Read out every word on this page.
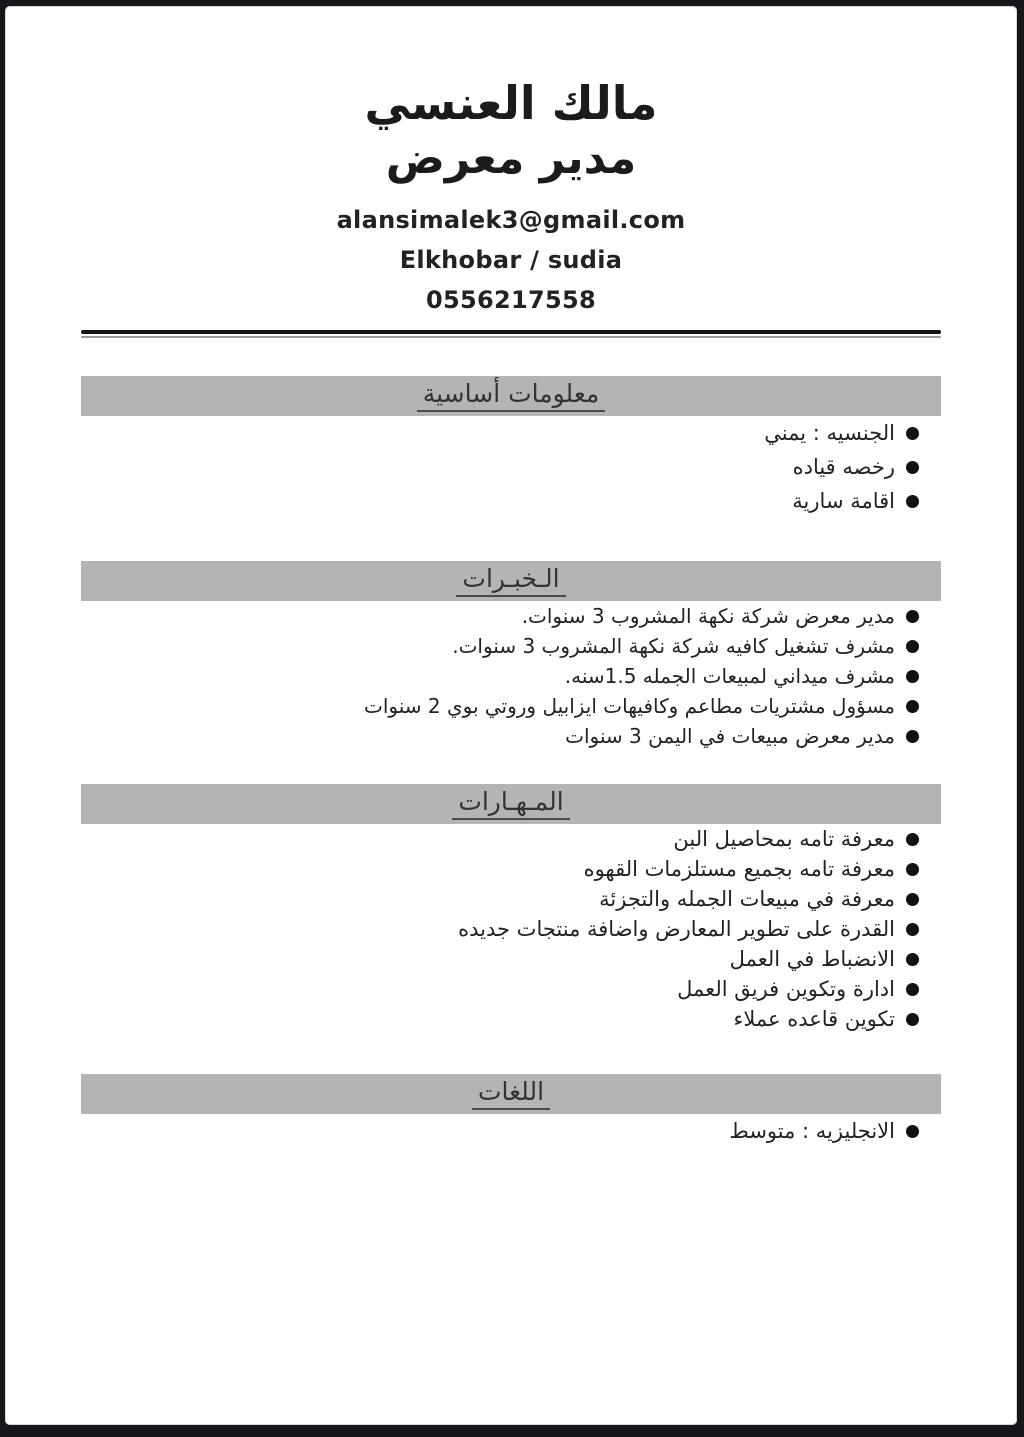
مالك العنسي
مدير معرض
alansimalek3@gmail.com
Elkhobar / sudia
0556217558
معلومات أساسية
الجنسيه : يمني
رخصه قياده
اقامة سارية
الـخبـرات
مدير معرض شركة نكهة المشروب 3 سنوات.
مشرف تشغيل كافيه شركة نكهة المشروب 3 سنوات.
مشرف ميداني لمبيعات الجمله 1.5سنه.
مسؤول مشتريات مطاعم وكافيهات ايزابيل وروتي بوي 2 سنوات
مدير معرض مبيعات في اليمن 3 سنوات
المـهـارات
معرفة تامه بمحاصيل البن
معرفة تامه بجميع مستلزمات القهوه
معرفة في مبيعات الجمله والتجزئة
القدرة على تطوير المعارض واضافة منتجات جديده
الانضباط في العمل
ادارة وتكوين فريق العمل
تكوين قاعده عملاء
اللغات
الانجليزيه : متوسط
